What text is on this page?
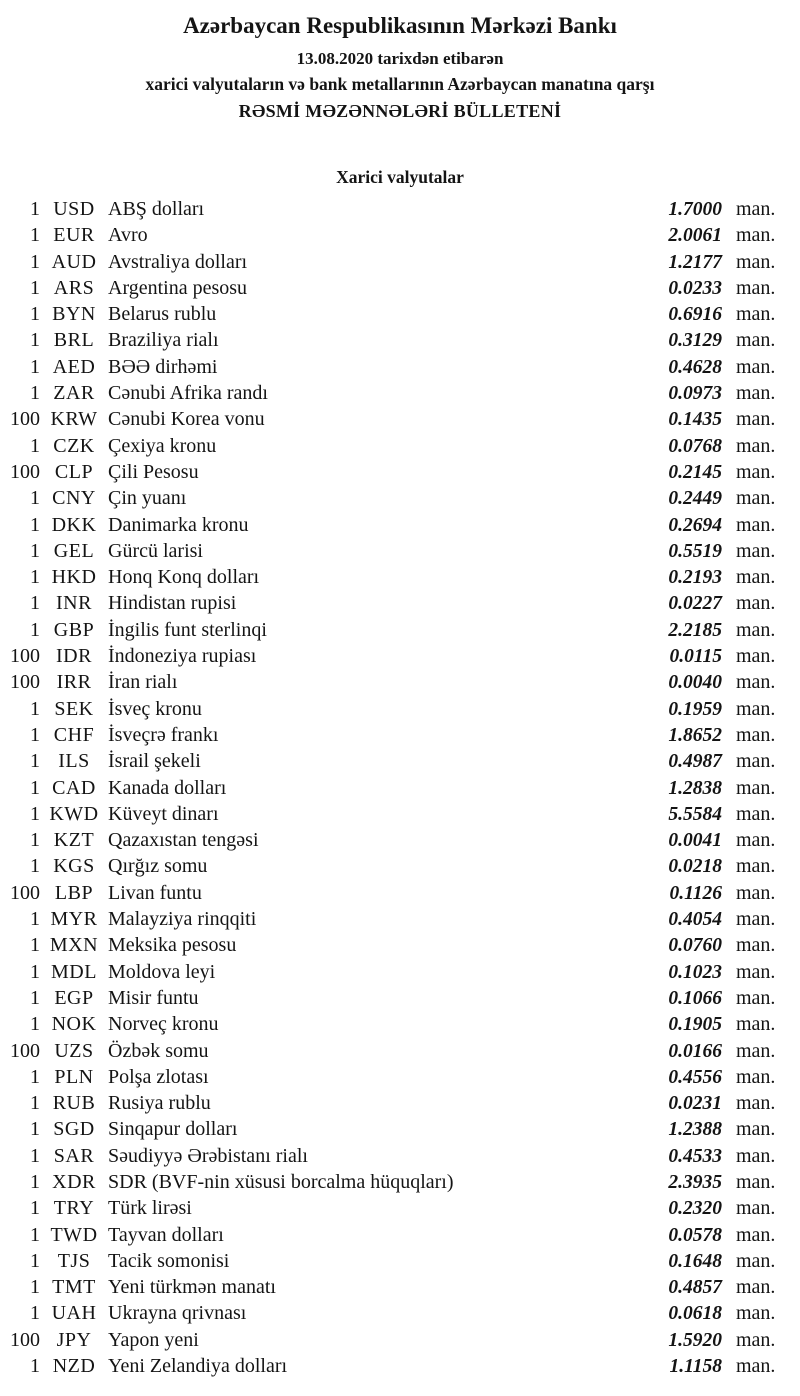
Azərbaycan Respublikasının Mərkəzi Bankı
13.08.2020 tarixdən etibarən
xarici valyutaların və bank metallarının Azərbaycan manatına qarşı
RƏSMİ MƏZƏNNƏLƏRİ BÜLLETENİ
Xarici valyutalar
1 USD ABŞ dolları	1.7000 man.
1 EUR Avro	2.0061 man.
1 AUD Avstraliya dolları	1.2177 man.
1 ARS Argentina pesosu	0.0233 man.
1 BYN Belarus rublu	0.6916 man.
1 BRL Braziliya rialı	0.3129 man.
1 AED BƏƏ dirhəmi	0.4628 man.
1 ZAR Cənubi Afrika randı	0.0973 man.
100 KRW Cənubi Korea vonu	0.1435 man.
1 CZK Çexiya kronu	0.0768 man.
100 CLP Çili Pesosu	0.2145 man.
1 CNY Çin yuanı	0.2449 man.
1 DKK Danimarka kronu	0.2694 man.
1 GEL Gürcü larisi	0.5519 man.
1 HKD Honq Konq dolları	0.2193 man.
1 INR Hindistan rupisi	0.0227 man.
1 GBP İngilis funt sterlinqi	2.2185 man.
100 IDR İndoneziya rupiası	0.0115 man.
100 IRR İran rialı	0.0040 man.
1 SEK İsveç kronu	0.1959 man.
1 CHF İsveçrə frankı	1.8652 man.
1 ILS İsrail şekeli	0.4987 man.
1 CAD Kanada dolları	1.2838 man.
1 KWD Küveyt dinarı	5.5584 man.
1 KZT Qazaxıstan tengəsi	0.0041 man.
1 KGS Qırğız somu	0.0218 man.
100 LBP Livan funtu	0.1126 man.
1 MYR Malayziya rinqqiti	0.4054 man.
1 MXN Meksika pesosu	0.0760 man.
1 MDL Moldova leyi	0.1023 man.
1 EGP Misir funtu	0.1066 man.
1 NOK Norveç kronu	0.1905 man.
100 UZS Özbək somu	0.0166 man.
1 PLN Polşa zlotası	0.4556 man.
1 RUB Rusiya rublu	0.0231 man.
1 SGD Sinqapur dolları	1.2388 man.
1 SAR Səudiyyə Ərəbistanı rialı	0.4533 man.
1 XDR SDR (BVF-nin xüsusi borcalma hüquqları)	2.3935 man.
1 TRY Türk lirəsi	0.2320 man.
1 TWD Tayvan dolları	0.0578 man.
1 TJS Tacik somonisi	0.1648 man.
1 TMT Yeni türkmən manatı	0.4857 man.
1 UAH Ukrayna qrivnası	0.0618 man.
100 JPY Yapon yeni	1.5920 man.
1 NZD Yeni Zelandiya dolları	1.1158 man.
